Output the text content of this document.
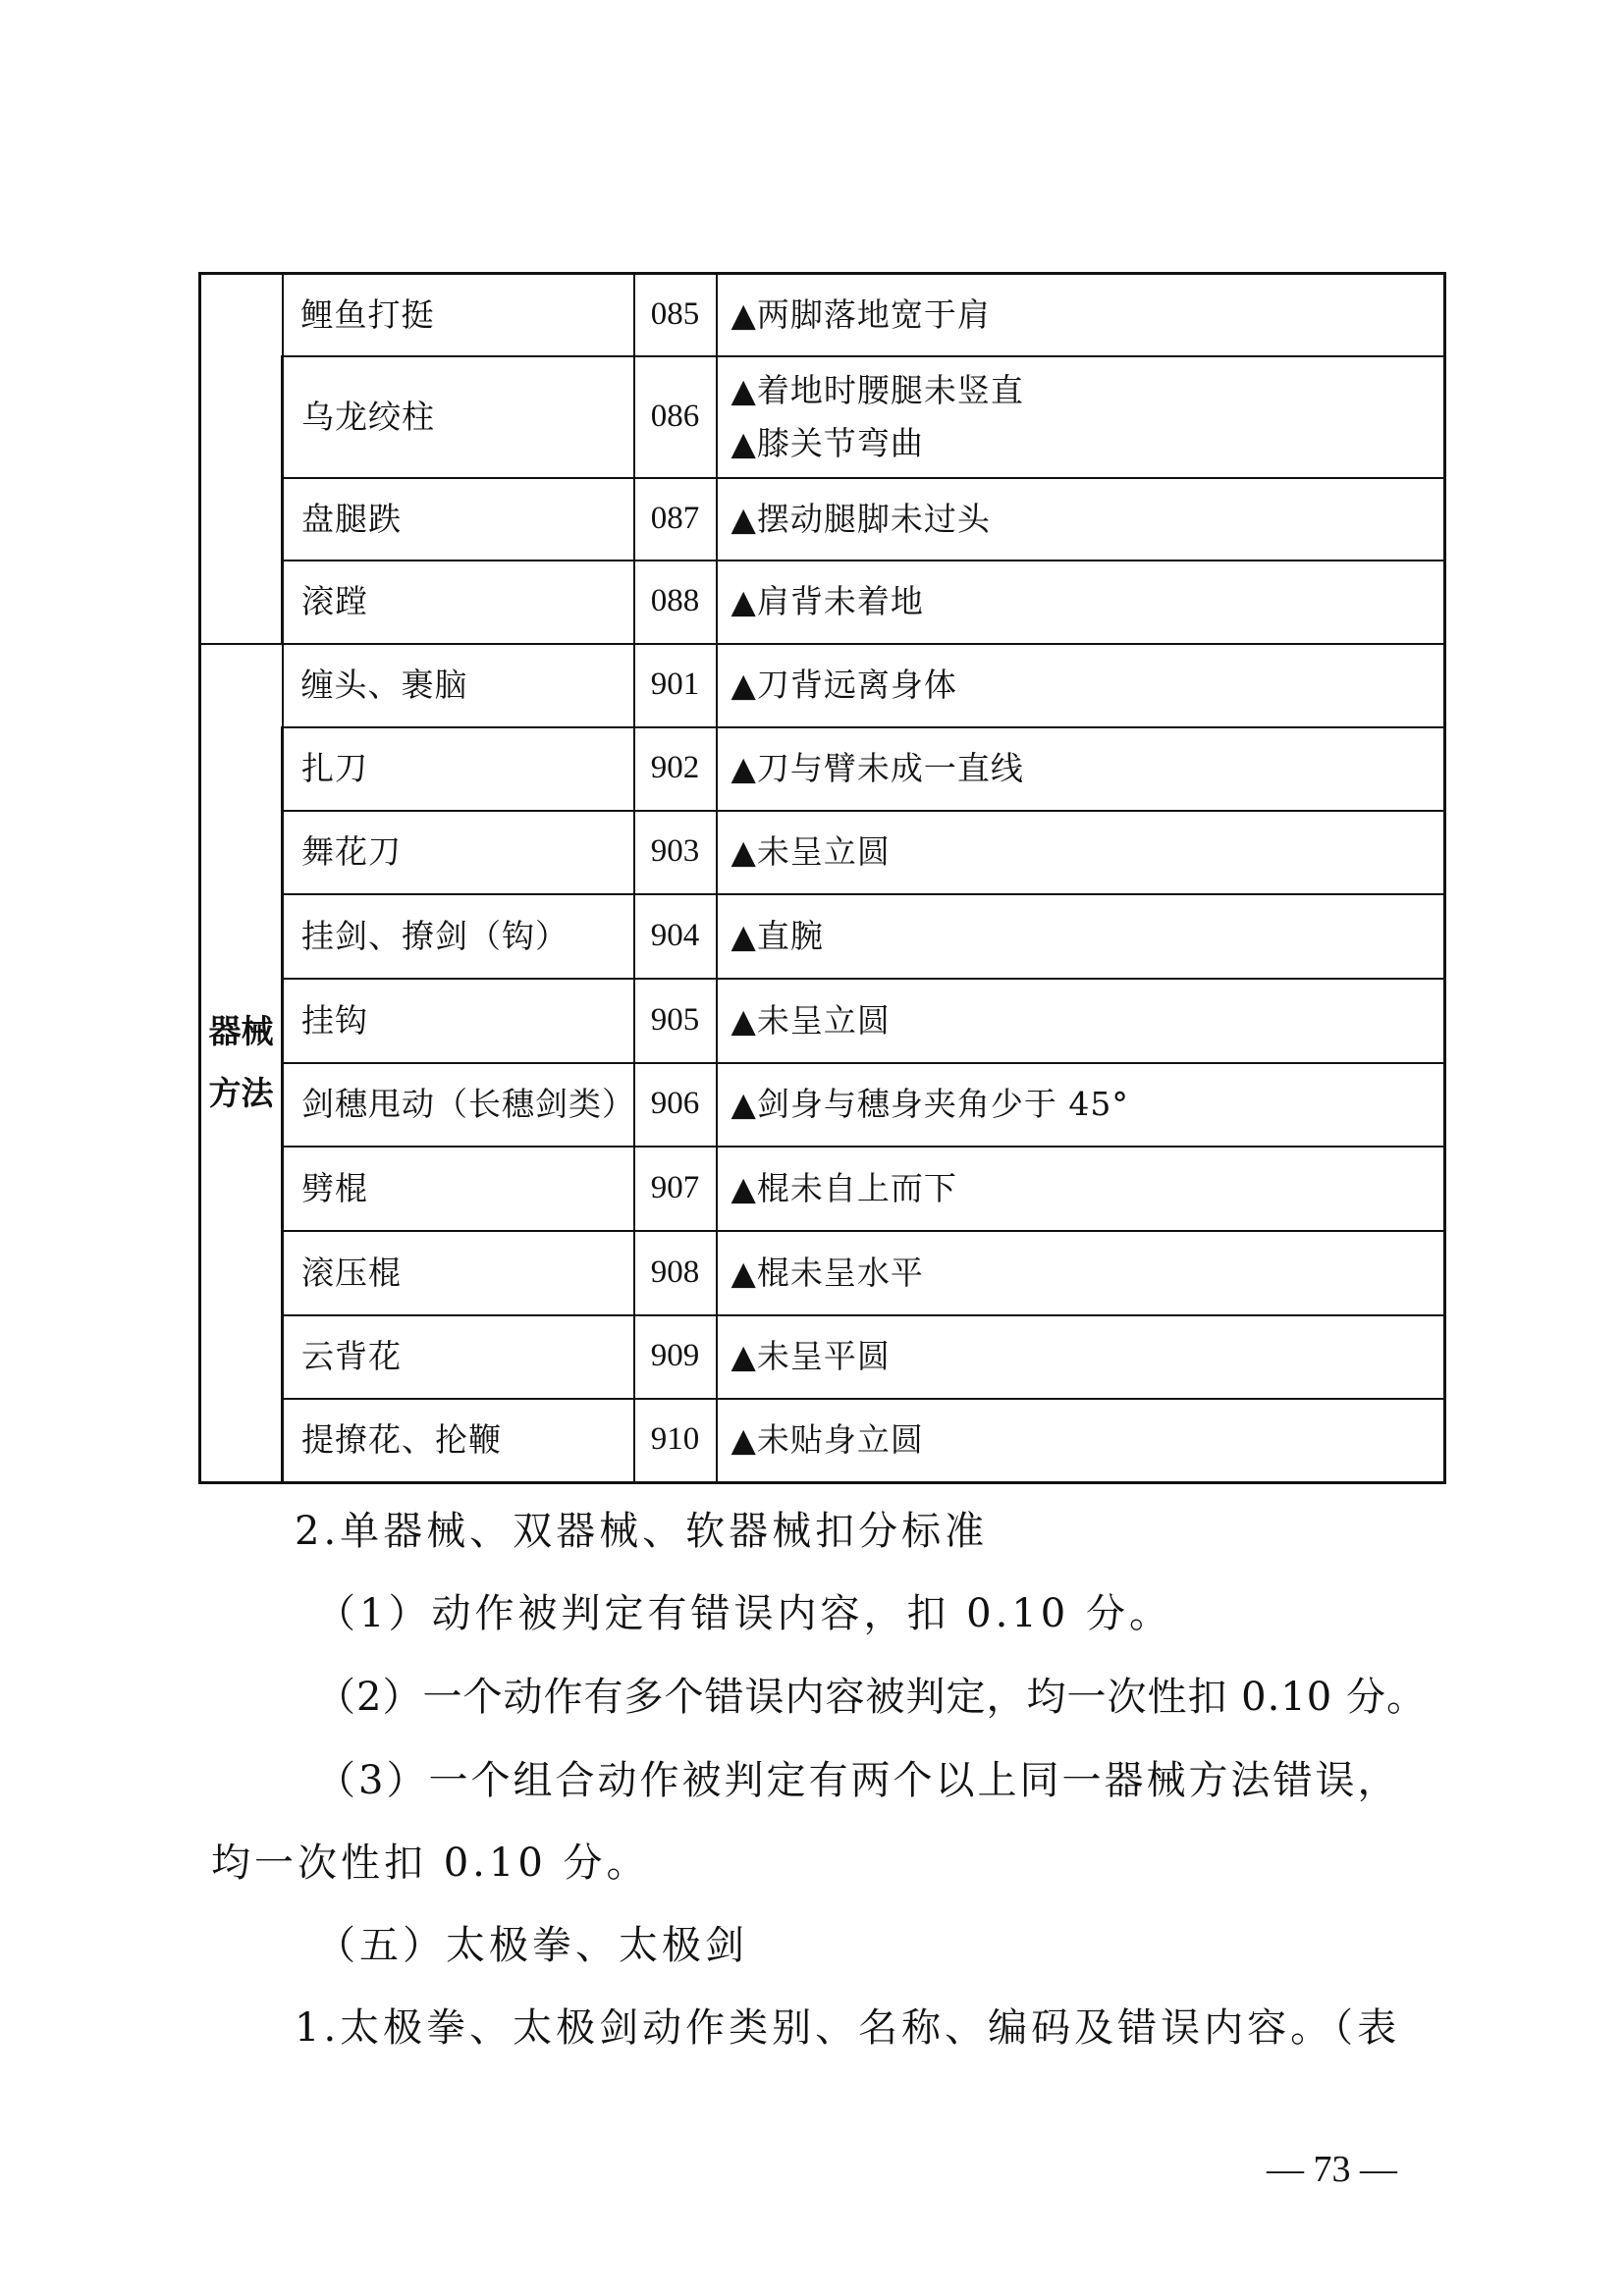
	鲤鱼打挺	085	▲两脚落地宽于肩

	乌龙绞柱	086	▲着地时腰腿未竖直
▲膝关节弯曲

	盘腿跌	087	▲摆动腿脚未过头

	滚蹚	088	▲肩背未着地

器械
方法	缠头、裹脑	901	▲刀背远离身体

	扎刀	902	▲刀与臂未成一直线

	舞花刀	903	▲未呈立圆

	挂剑、撩剑（钩）	904	▲直腕

	挂钩	905	▲未呈立圆

	剑穗甩动（长穗剑类）	906	▲剑身与穗身夹角少于 45°

	劈棍	907	▲棍未自上而下

	滚压棍	908	▲棍未呈水平

	云背花	909	▲未呈平圆

	提撩花、抡鞭	910	▲未贴身立圆

2.单器械、双器械、软器械扣分标准

（1）动作被判定有错误内容，扣 0.10 分。

（2）一个动作有多个错误内容被判定，均一次性扣 0.10 分。

（3）一个组合动作被判定有两个以上同一器械方法错误，

均一次性扣 0.10 分。

（五）太极拳、太极剑

1.太极拳、太极剑动作类别、名称、编码及错误内容。（表

— 73 —
